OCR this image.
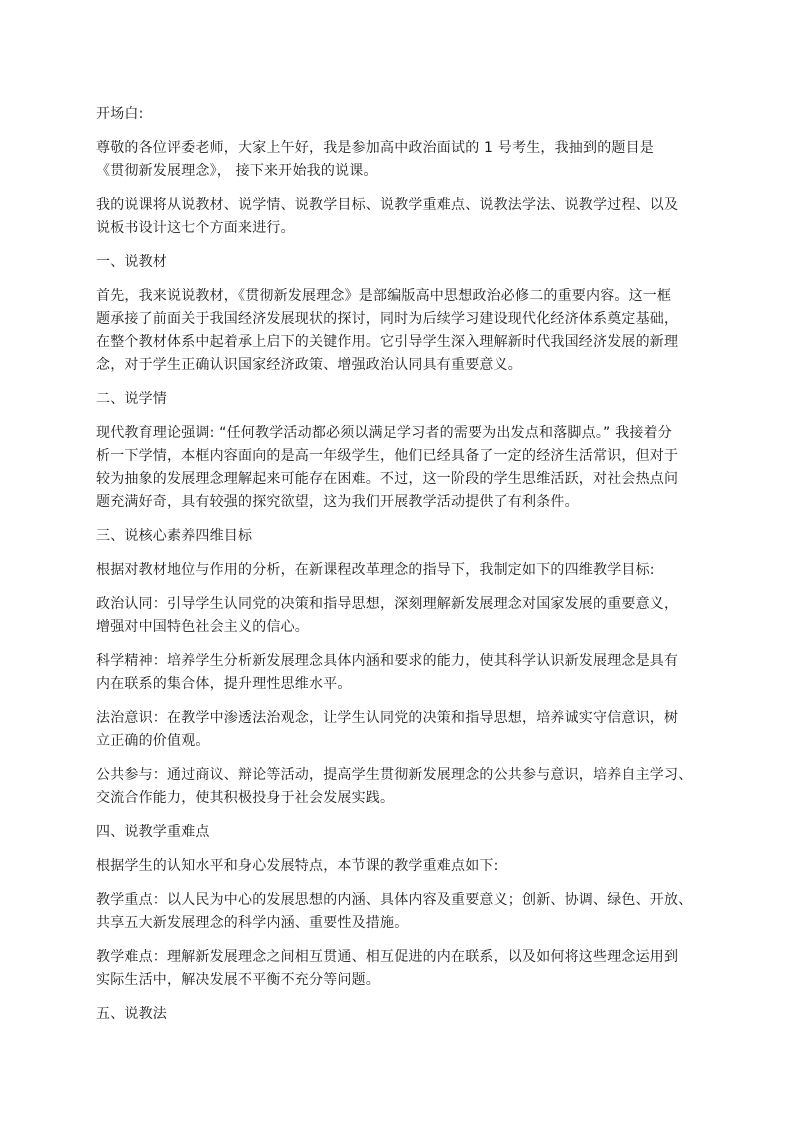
开场白:

尊敬的各位评委老师，大家上午好，我是参加高中政治面试的 1 号考生，我抽到的题目是
《贯彻新发展理念》， 接下来开始我的说课。

我的说课将从说教材、说学情、说教学目标、说教学重难点、说教法学法、说教学过程、以及
说板书设计这七个方面来进行。

一、说教材

首先，我来说说教材，《贯彻新发展理念》是部编版高中思想政治必修二的重要内容。这一框
题承接了前面关于我国经济发展现状的探讨，同时为后续学习建设现代化经济体系奠定基础，
在整个教材体系中起着承上启下的关键作用。它引导学生深入理解新时代我国经济发展的新理
念，对于学生正确认识国家经济政策、增强政治认同具有重要意义。

二、说学情

现代教育理论强调: “任何教学活动都必须以满足学习者的需要为出发点和落脚点。” 我接着分
析一下学情，本框内容面向的是高一年级学生，他们已经具备了一定的经济生活常识，但对于
较为抽象的发展理念理解起来可能存在困难。不过，这一阶段的学生思维活跃，对社会热点问
题充满好奇，具有较强的探究欲望，这为我们开展教学活动提供了有利条件。

三、说核心素养四维目标

根据对教材地位与作用的分析，在新课程改革理念的指导下，我制定如下的四维教学目标:

政治认同：引导学生认同党的决策和指导思想，深刻理解新发展理念对国家发展的重要意义，
增强对中国特色社会主义的信心。

科学精神：培养学生分析新发展理念具体内涵和要求的能力，使其科学认识新发展理念是具有
内在联系的集合体，提升理性思维水平。

法治意识：在教学中渗透法治观念，让学生认同党的决策和指导思想，培养诚实守信意识，树
立正确的价值观。

公共参与：通过商议、辩论等活动，提高学生贯彻新发展理念的公共参与意识，培养自主学习、
交流合作能力，使其积极投身于社会发展实践。

四、说教学重难点

根据学生的认知水平和身心发展特点，本节课的教学重难点如下:

教学重点：以人民为中心的发展思想的内涵、具体内容及重要意义；创新、协调、绿色、开放、
共享五大新发展理念的科学内涵、重要性及措施。

教学难点：理解新发展理念之间相互贯通、相互促进的内在联系，以及如何将这些理念运用到
实际生活中，解决发展不平衡不充分等问题。

五、说教法
